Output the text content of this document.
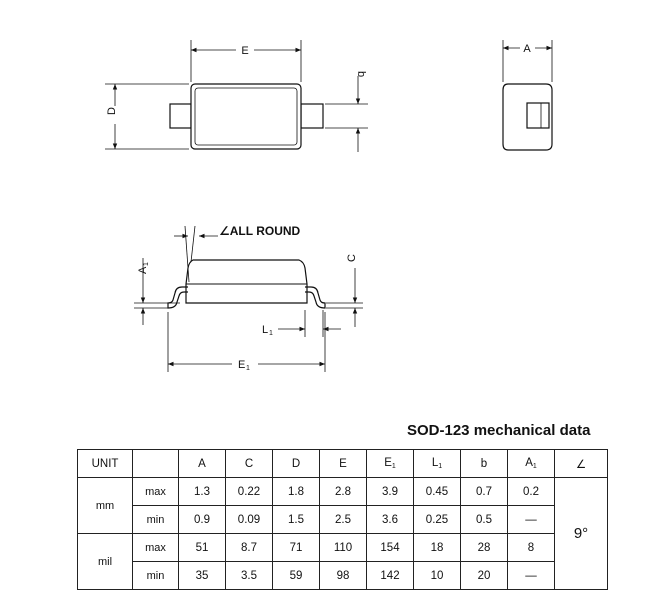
E
D
b
A
∠ALL ROUND
A
1
C
L 1
E 1
SOD-123 mechanical data
UNIT		A	C	D	E	$E_1$	$L_1$	b	$A_1$	∠
mm	max	1.3	0.22	1.8	2.8	3.9	0.45	0.7	0.2	9°
	min	0.9	0.09	1.5	2.5	3.6	0.25	0.5	—	
mil	max	51	8.7	71	110	154	18	28	8	
	min	35	3.5	59	98	142	10	20	—	
